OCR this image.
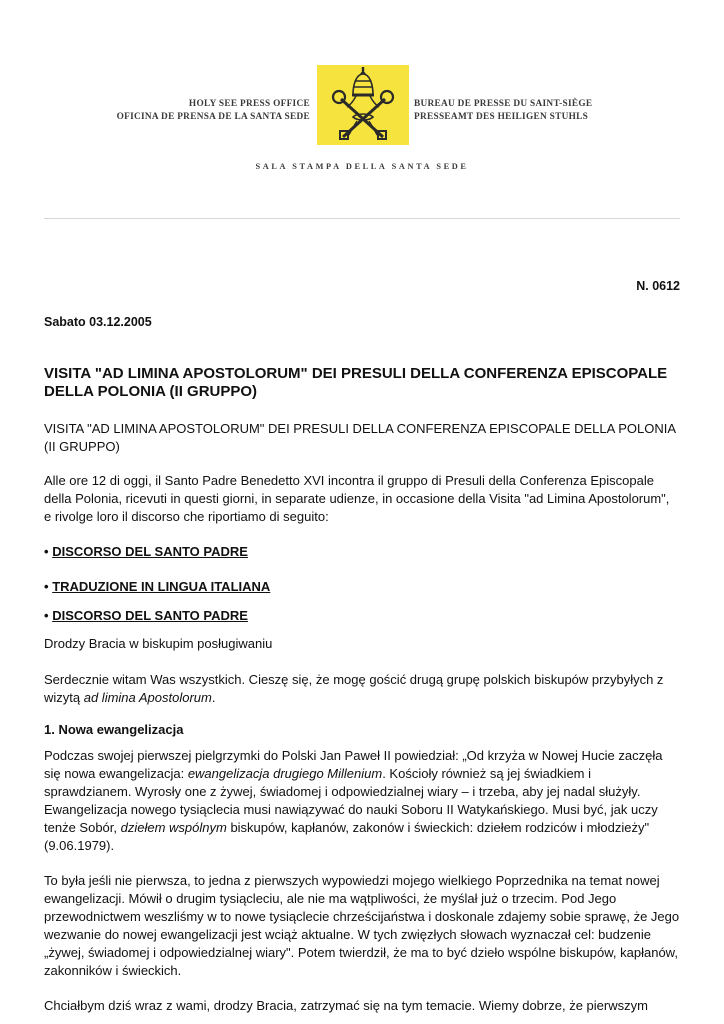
HOLY SEE PRESS OFFICE
OFICINA DE PRENSA DE LA SANTA SEDE
BUREAU DE PRESSE DU SAINT-SIÈGE
PRESSEAMT DES HEILIGEN STUHLS
SALA STAMPA DELLA SANTA SEDE

N. 0612

Sabato 03.12.2005

VISITA "AD LIMINA APOSTOLORUM" DEI PRESULI DELLA CONFERENZA EPISCOPALE DELLA POLONIA (II GRUPPO)

VISITA "AD LIMINA APOSTOLORUM" DEI PRESULI DELLA CONFERENZA EPISCOPALE DELLA POLONIA (II GRUPPO)

Alle ore 12 di oggi, il Santo Padre Benedetto XVI incontra il gruppo di Presuli della Conferenza Episcopale della Polonia, ricevuti in questi giorni, in separate udienze, in occasione della Visita "ad Limina Apostolorum", e rivolge loro il discorso che riportiamo di seguito:

• DISCORSO DEL SANTO PADRE

• TRADUZIONE IN LINGUA ITALIANA

• DISCORSO DEL SANTO PADRE

Drodzy Bracia w biskupim posługiwaniu

Serdecznie witam Was wszystkich. Cieszę się, że mogę gościć drugą grupę polskich biskupów przybyłych z wizytą ad limina Apostolorum.

1. Nowa ewangelizacja

Podczas swojej pierwszej pielgrzymki do Polski Jan Paweł II powiedział: „Od krzyża w Nowej Hucie zaczęła się nowa ewangelizacja: ewangelizacja drugiego Millenium. Kościoły również są jej świadkiem i sprawdzianem. Wyrosły one z żywej, świadomej i odpowiedzialnej wiary – i trzeba, aby jej nadal służyły. Ewangelizacja nowego tysiąclecia musi nawiązywać do nauki Soboru II Watykańskiego. Musi być, jak uczy tenże Sobór, dziełem wspólnym biskupów, kapłanów, zakonów i świeckich: dziełem rodziców i młodzieży" (9.06.1979).

To była jeśli nie pierwsza, to jedna z pierwszych wypowiedzi mojego wielkiego Poprzednika na temat nowej ewangelizacji. Mówił o drugim tysiącleciu, ale nie ma wątpliwości, że myślał już o trzecim. Pod Jego przewodnictwem weszliśmy w to nowe tysiąclecie chrześcijaństwa i doskonale zdajemy sobie sprawę, że Jego wezwanie do nowej ewangelizacji jest wciąż aktualne. W tych zwięzłych słowach wyznaczał cel: budzenie „żywej, świadomej i odpowiedzialnej wiary". Potem twierdził, że ma to być dzieło wspólne biskupów, kapłanów, zakonników i świeckich.

Chciałbym dziś wraz z wami, drodzy Bracia, zatrzymać się na tym temacie. Wiemy dobrze, że pierwszym
